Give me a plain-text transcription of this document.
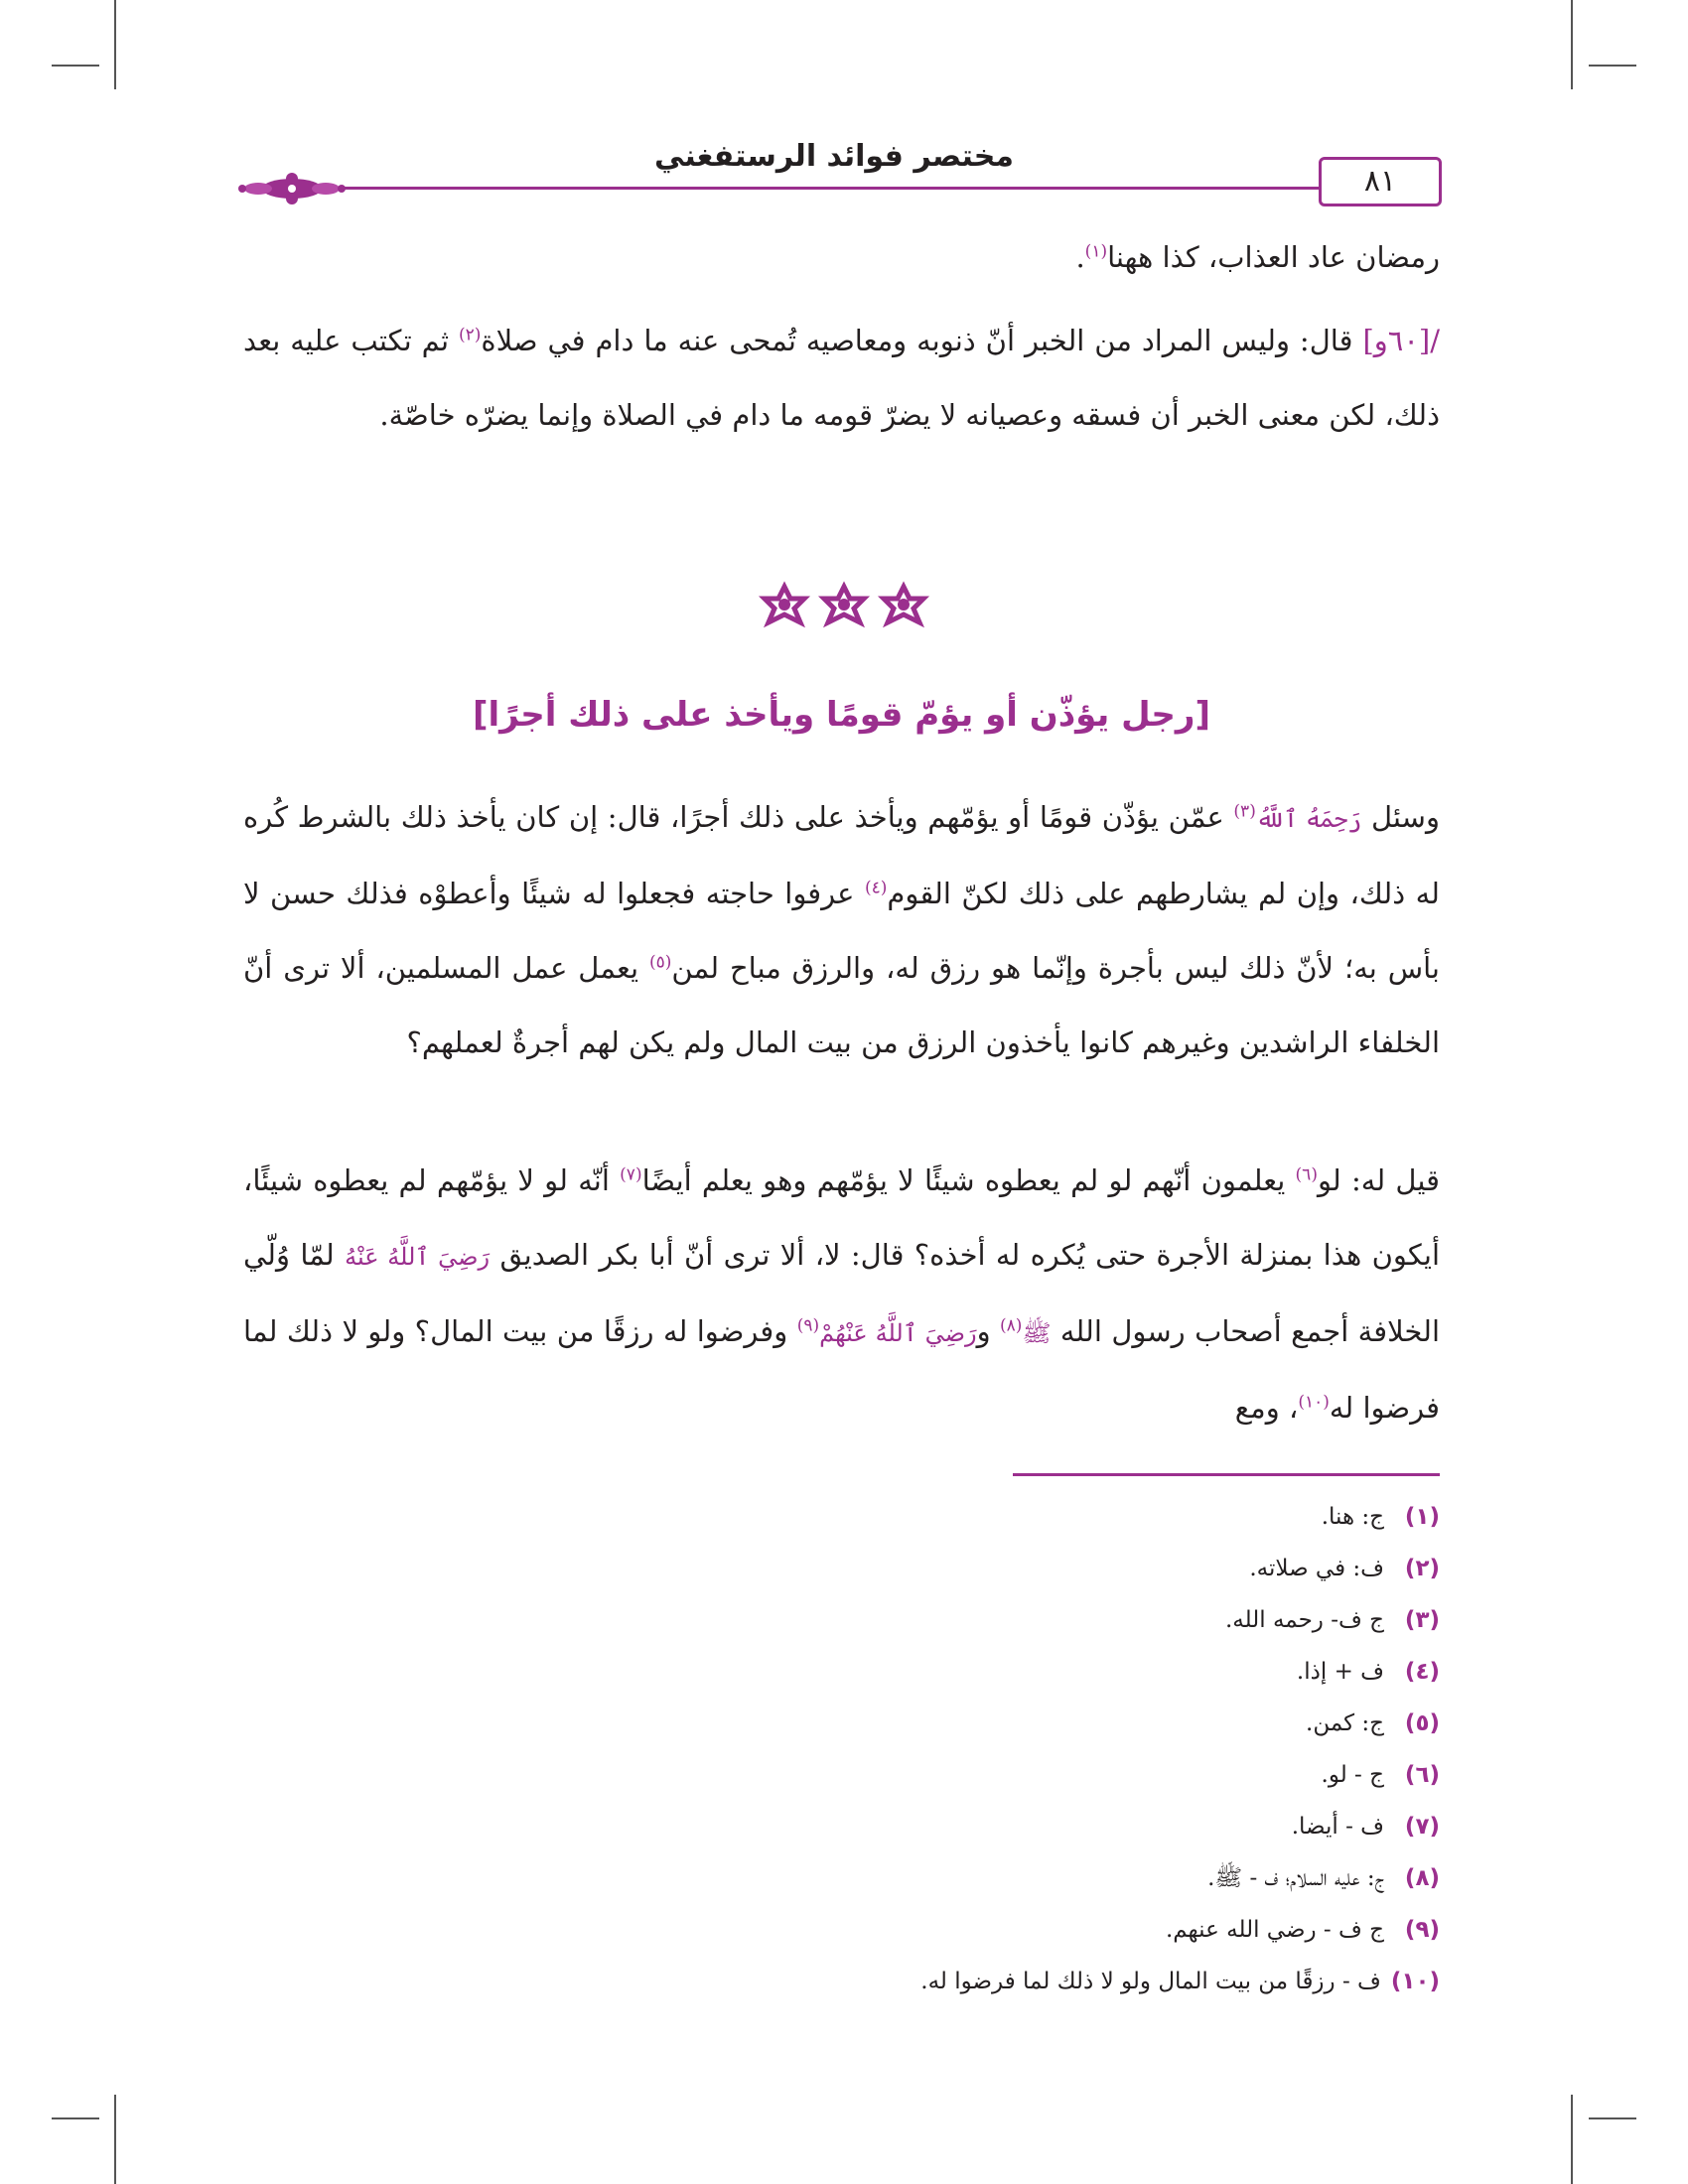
مختصر فوائد الرستفغني
٨١
رمضان عاد العذاب، كذا ههنا$^{(١)}$.
/[٦٠و] قال: وليس المراد من الخبر أنّ ذنوبه ومعاصيه تُمحى عنه ما دام في صلاة$^{(٢)}$ ثم تكتب عليه بعد ذلك، لكن معنى الخبر أن فسقه وعصيانه لا يضرّ قومه ما دام في الصلاة وإنما يضرّه خاصّة.
[رجل يؤذّن أو يؤمّ قومًا ويأخذ على ذلك أجرًا]
وسئل رَحِمَهُ ٱللَّهُ$^{(٣)}$ عمّن يؤذّن قومًا أو يؤمّهم ويأخذ على ذلك أجرًا، قال: إن كان يأخذ ذلك بالشرط كُره له ذلك، وإن لم يشارطهم على ذلك لكنّ القوم$^{(٤)}$ عرفوا حاجته فجعلوا له شيئًا وأعطوْه فذلك حسن لا بأس به؛ لأنّ ذلك ليس بأجرة وإنّما هو رزق له، والرزق مباح لمن$^{(٥)}$ يعمل عمل المسلمين، ألا ترى أنّ الخلفاء الراشدين وغيرهم كانوا يأخذون الرزق من بيت المال ولم يكن لهم أجرةٌ لعملهم؟
قيل له: لو$^{(٦)}$ يعلمون أنّهم لو لم يعطوه شيئًا لا يؤمّهم وهو يعلم أيضًا$^{(٧)}$ أنّه لو لا يؤمّهم لم يعطوه شيئًا، أيكون هذا بمنزلة الأجرة حتى يُكره له أخذه؟ قال: لا، ألا ترى أنّ أبا بكر الصديق رَضِيَ ٱللَّهُ عَنْهُ لمّا وُلّي الخلافة أجمع أصحاب رسول الله ﷺ$^{(٨)}$ ورَضِيَ ٱللَّهُ عَنْهُمْ$^{(٩)}$ وفرضوا له رزقًا من بيت المال؟ ولو لا ذلك لما فرضوا له$^{(١٠)}$، ومع
(١)ج: هنا.
(٢)ف: في صلاته.
(٣)ج ف- رحمه الله.
(٤)ف + إذا.
(٥)ج: كمن.
(٦)ج - لو.
(٧)ف - أيضا.
(٨)ج: عليه السلام؛ ف - ﷺ.
(٩)ج ف - رضي الله عنهم.
(١٠)ف - رزقًا من بيت المال ولو لا ذلك لما فرضوا له.
